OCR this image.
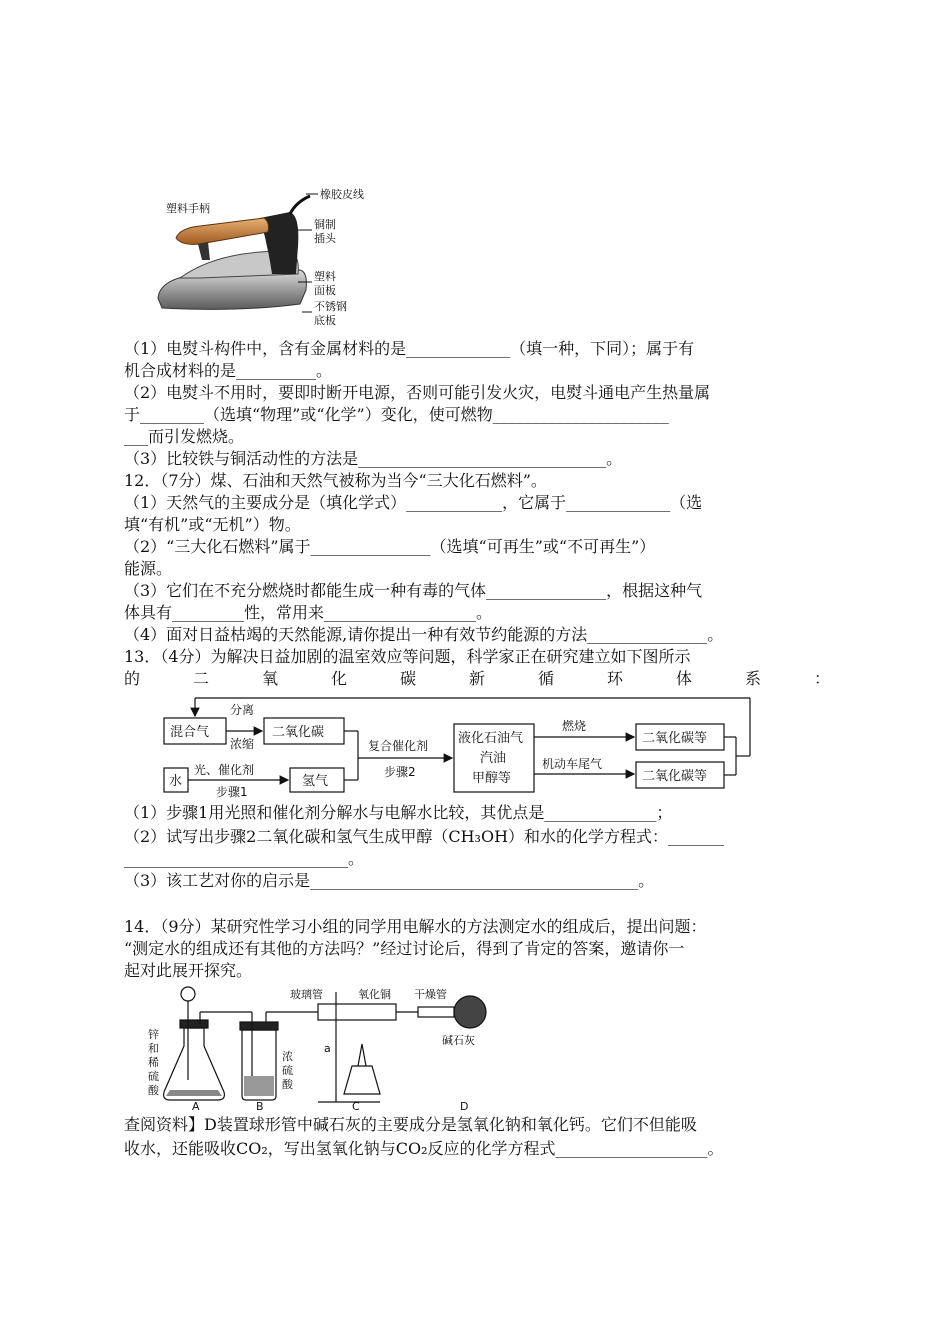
塑料手柄
橡胶皮线
铜制
插头
塑料
面板
不锈钢
底板
（1）电熨斗构件中，含有金属材料的是_____________（填一种，下同）；属于有
机合成材料的是__________。
（2）电熨斗不用时，要即时断开电源，否则可能引发火灾，电熨斗通电产生热量属
于________（选填“物理”或“化学”）变化，使可燃物______________________
___而引发燃烧。
（3）比较铁与铜活动性的方法是_______________________________。
12．（7分）煤、石油和天然气被称为当今“三大化石燃料”。
（1）天然气的主要成分是（填化学式）____________，它属于_____________（选
填“有机”或“无机”）物。
（2）“三大化石燃料”属于_______________（选填“可再生”或“不可再生”）
能源。
（3）它们在不充分燃烧时都能生成一种有毒的气体_______________，根据这种气
体具有_________性，常用来___________________。
（4）面对日益枯竭的天然能源,请你提出一种有效节约能源的方法_______________。
13．（4分）为解决日益加剧的温室效应等问题，科学家正在研究建立如下图所示
的二氧化碳新循环体系：
混合气
分离
浓缩
二氧化碳
复合催化剂
步骤2
液化石油气
汽油
甲醇等
燃烧
机动车尾气
二氧化碳等
二氧化碳等
水
光、催化剂
步骤1
氢气
（1）步骤1用光照和催化剂分解水与电解水比较，其优点是______________；
（2）试写出步骤2二氧化碳和氢气生成甲醇（CH₃OH）和水的化学方程式：_______
____________________________。
（3）该工艺对你的启示是_________________________________________。
14．（9分）某研究性学习小组的同学用电解水的方法测定水的组成后，提出问题：
“测定水的组成还有其他的方法吗？”经过讨论后，得到了肯定的答案，邀请你一
起对此展开探究。
锌
和
稀
硫
酸
浓
硫
酸
玻璃管	氧化铜 干燥管
碱石灰
a
A	B	C	D
查阅资料】D装置球形管中碱石灰的主要成分是氢氧化钠和氧化钙。它们不但能吸
收水，还能吸收CO₂，写出氢氧化钠与CO₂反应的化学方程式___________________。
